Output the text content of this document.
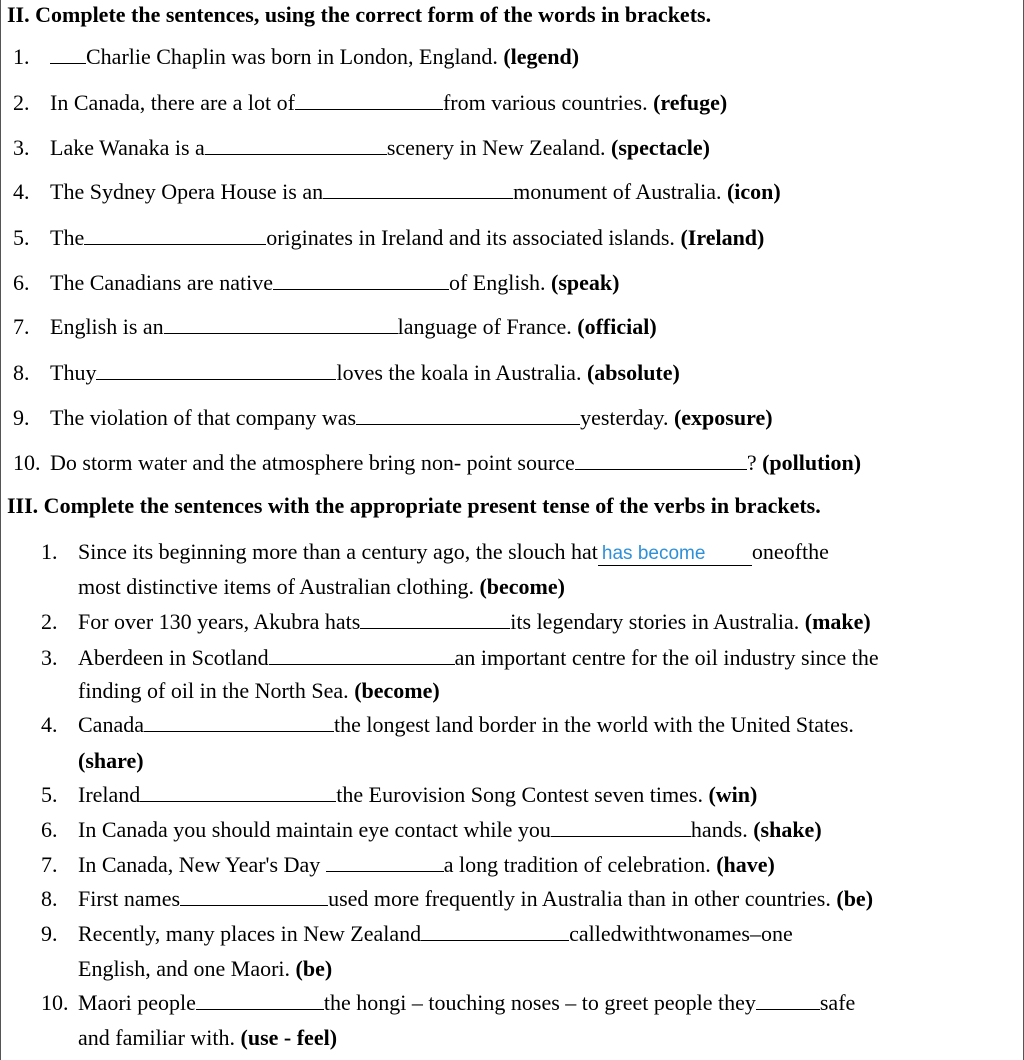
II. Complete the sentences, using the correct form of the words in brackets.
1.	Charlie Chaplin was born in London, England. (legend)
2. In Canada, there are a lot of	from various countries. (refuge)
3. Lake Wanaka is a	scenery in New Zealand. (spectacle)
4. The Sydney Opera House is an	monument of Australia. (icon)
5. The	originates in Ireland and its associated islands. (Ireland)
6. The Canadians are native	of English. (speak)
7. English is an	language of France. (official)
8. Thuy	loves the koala in Australia. (absolute)
9. The violation of that company was	yesterday. (exposure)
10. Do storm water and the atmosphere bring non- point source	? (pollution)
III. Complete the sentences with the appropriate present tense of the verbs in brackets.
1. Since its beginning more than a century ago, the slouch hat has become one of the
most distinctive items of Australian clothing. (become)
2. For over 130 years, Akubra hats	its legendary stories in Australia. (make)
3. Aberdeen in Scotland	an important centre for the oil industry since the
finding of oil in the North Sea. (become)
4. Canada	the longest land border in the world with the United States.
(share)
5. Ireland	the Eurovision Song Contest seven times. (win)
6. In Canada you should maintain eye contact while you	hands. (shake)
7. In Canada, New Year's Day	a long tradition of celebration. (have)
8. First names	used more frequently in Australia than in other countries. (be)
9. Recently, many places in New Zealand	called with two names – one
English, and one Maori. (be)
10. Maori people	the hongi – touching noses – to greet people they	safe
and familiar with. (use - feel)
